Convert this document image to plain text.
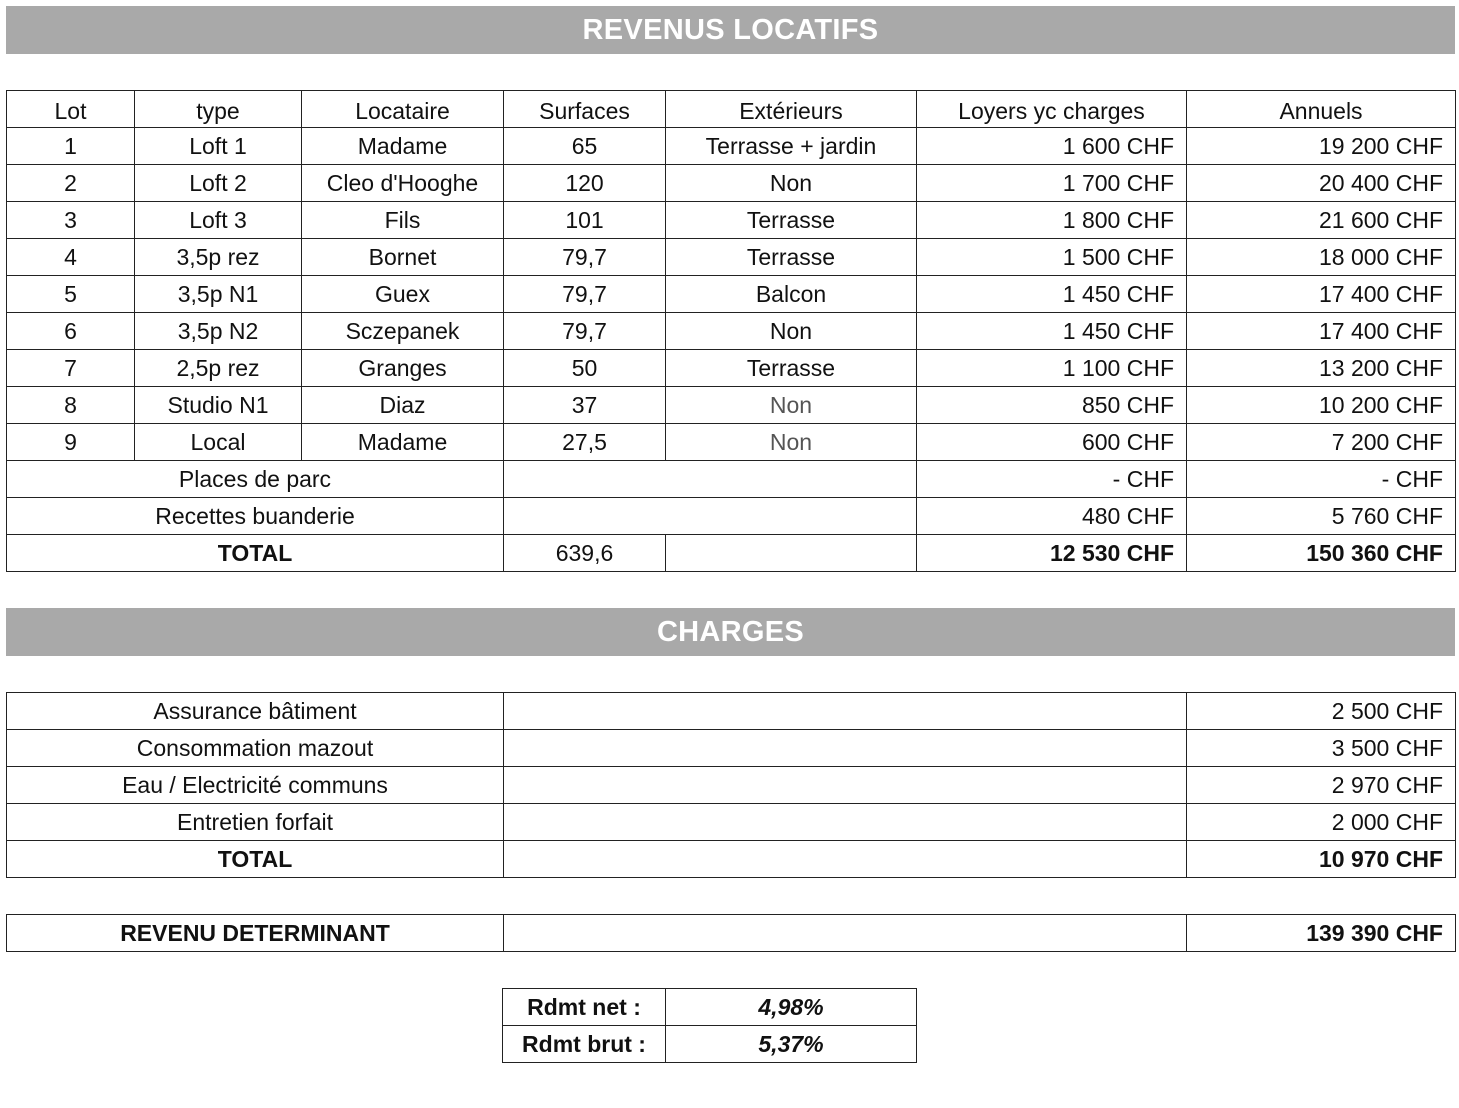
REVENUS LOCATIFS
Lot	type	Locataire	Surfaces	Extérieurs	Loyers yc charges	Annuels
1	Loft 1	Madame	65	Terrasse + jardin	1 600 CHF	19 200 CHF
2	Loft 2	Cleo d'Hooghe	120	Non	1 700 CHF	20 400 CHF
3	Loft 3	Fils	101	Terrasse	1 800 CHF	21 600 CHF
4	3,5p rez	Bornet	79,7	Terrasse	1 500 CHF	18 000 CHF
5	3,5p N1	Guex	79,7	Balcon	1 450 CHF	17 400 CHF
6	3,5p N2	Sczepanek	79,7	Non	1 450 CHF	17 400 CHF
7	2,5p rez	Granges	50	Terrasse	1 100 CHF	13 200 CHF
8	Studio N1	Diaz	37	Non	850 CHF	10 200 CHF
9	Local	Madame	27,5	Non	600 CHF	7 200 CHF
Places de parc					- CHF	- CHF
Recettes buanderie					480 CHF	5 760 CHF
TOTAL			639,6		12 530 CHF	150 360 CHF
CHARGES
Assurance bâtiment		2 500 CHF
Consommation mazout		3 500 CHF
Eau / Electricité communs		2 970 CHF
Entretien forfait		2 000 CHF
TOTAL		10 970 CHF
REVENU DETERMINANT		139 390 CHF
Rdmt net :	4,98%
Rdmt brut :	5,37%
